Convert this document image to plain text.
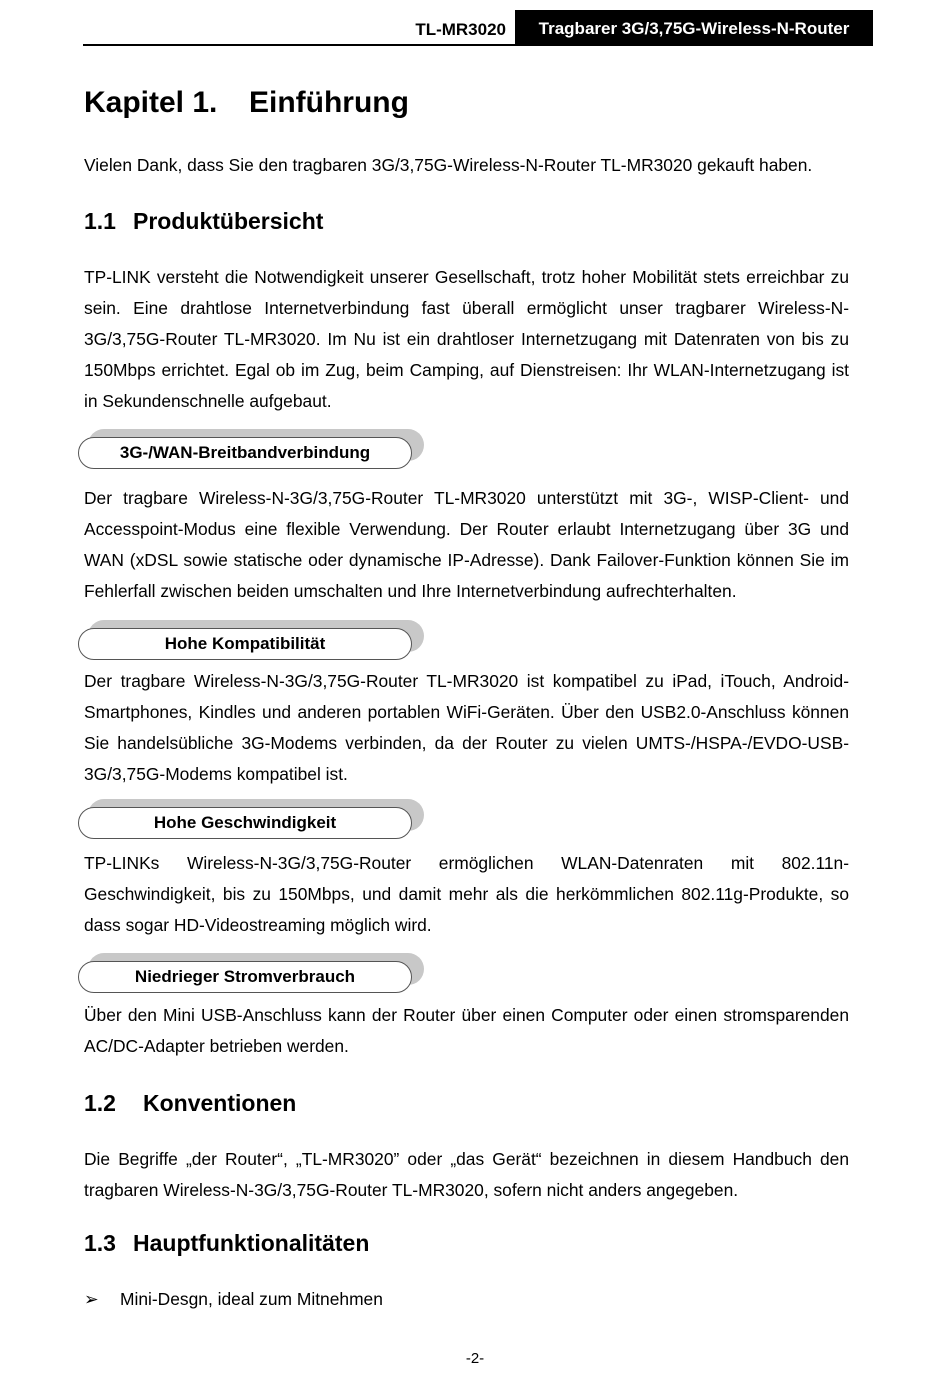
TL-MR3020	Tragbarer 3G/3,75G-Wireless-N-Router
Kapitel 1. Einführung
Vielen Dank, dass Sie den tragbaren 3G/3,75G-Wireless-N-Router TL-MR3020 gekauft haben.
1.1 Produktübersicht
TP-LINK versteht die Notwendigkeit unserer Gesellschaft, trotz hoher Mobilität stets erreichbar zu sein. Eine drahtlose Internetverbindung fast überall ermöglicht unser tragbarer Wireless-N-3G/3,75G-Router TL-MR3020. Im Nu ist ein drahtloser Internetzugang mit Datenraten von bis zu 150Mbps errichtet. Egal ob im Zug, beim Camping, auf Dienstreisen: Ihr WLAN-Internetzugang ist in Sekundenschnelle aufgebaut.
3G-/WAN-Breitbandverbindung
Der tragbare Wireless-N-3G/3,75G-Router TL-MR3020 unterstützt mit 3G-, WISP-Client- und Accesspoint-Modus eine flexible Verwendung. Der Router erlaubt Internetzugang über 3G und WAN (xDSL sowie statische oder dynamische IP-Adresse). Dank Failover-Funktion können Sie im Fehlerfall zwischen beiden umschalten und Ihre Internetverbindung aufrechterhalten.
Hohe Kompatibilität
Der tragbare Wireless-N-3G/3,75G-Router TL-MR3020 ist kompatibel zu iPad, iTouch, Android-Smartphones, Kindles und anderen portablen WiFi-Geräten. Über den USB2.0-Anschluss können Sie handelsübliche 3G-Modems verbinden, da der Router zu vielen UMTS-/HSPA-/EVDO-USB-3G/3,75G-Modems kompatibel ist.
Hohe Geschwindigkeit
TP-LINKs Wireless-N-3G/3,75G-Router ermöglichen WLAN-Datenraten mit 802.11n-Geschwindigkeit, bis zu 150Mbps, und damit mehr als die herkömmlichen 802.11g-Produkte, so dass sogar HD-Videostreaming möglich wird.
Niedrieger Stromverbrauch
Über den Mini USB-Anschluss kann der Router über einen Computer oder einen stromsparenden AC/DC-Adapter betrieben werden.
1.2 Konventionen
Die Begriffe „der Router“, „TL-MR3020” oder „das Gerät“ bezeichnen in diesem Handbuch den tragbaren Wireless-N-3G/3,75G-Router TL-MR3020, sofern nicht anders angegeben.
1.3 Hauptfunktionalitäten
➢ Mini-Desgn, ideal zum Mitnehmen
-2-
